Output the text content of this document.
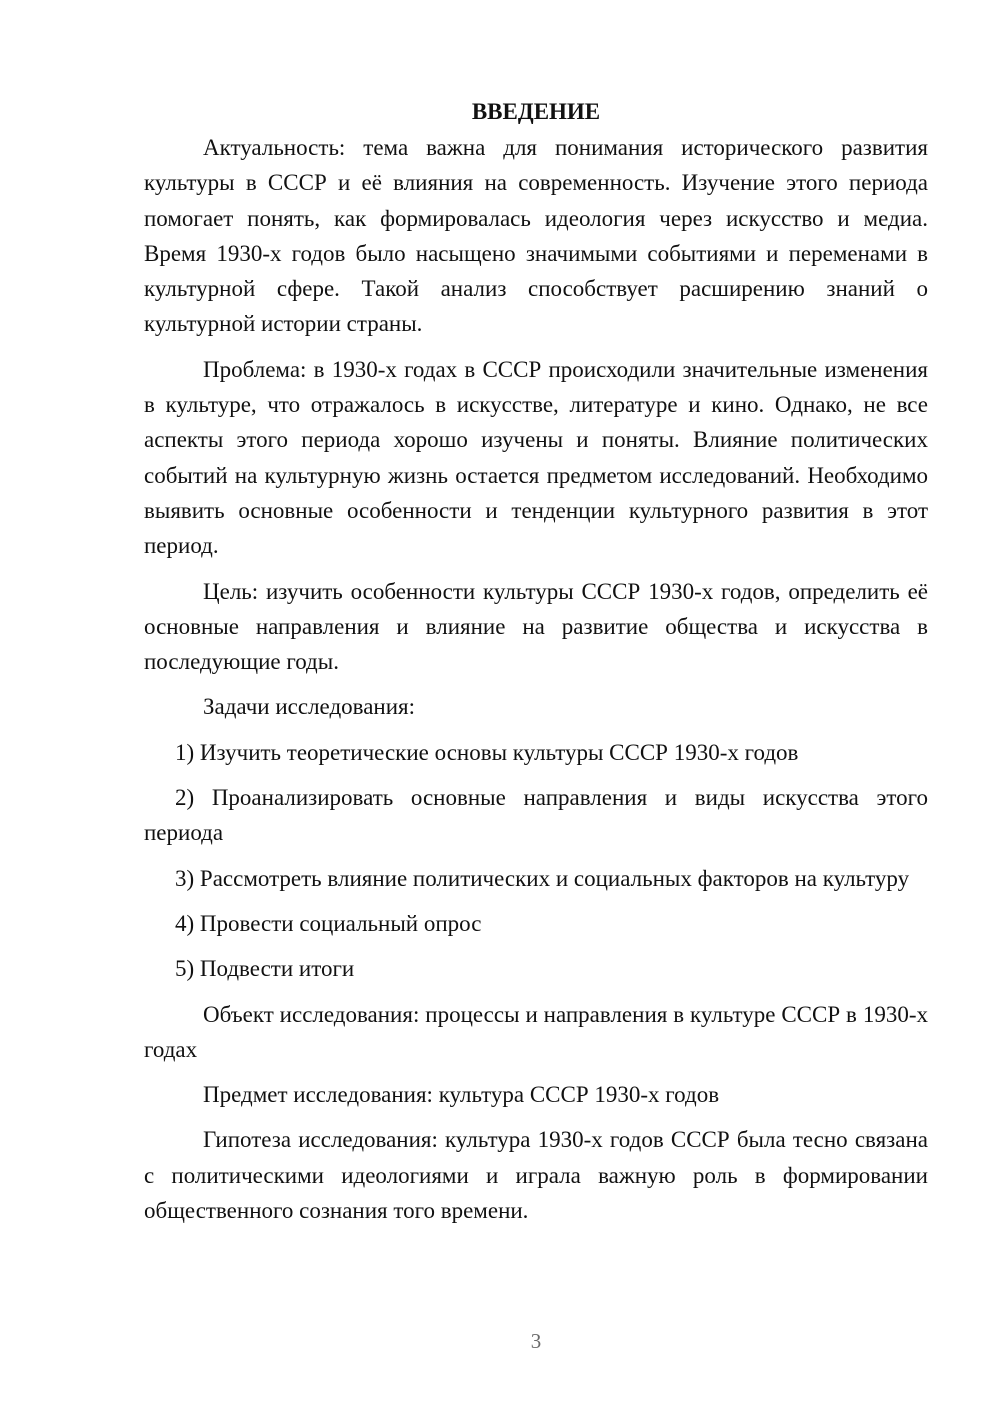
ВВЕДЕНИЕ

Актуальность: тема важна для понимания исторического развития культуры в СССР и её влияния на современность. Изучение этого периода помогает понять, как формировалась идеология через искусство и медиа. Время 1930-х годов было насыщено значимыми событиями и переменами в культурной сфере. Такой анализ способствует расширению знаний о культурной истории страны.

Проблема: в 1930-х годах в СССР происходили значительные изменения в культуре, что отражалось в искусстве, литературе и кино. Однако, не все аспекты этого периода хорошо изучены и поняты. Влияние политических событий на культурную жизнь остается предметом исследований. Необходимо выявить основные особенности и тенденции культурного развития в этот период.

Цель: изучить особенности культуры СССР 1930-х годов, определить её основные направления и влияние на развитие общества и искусства в последующие годы.

Задачи исследования:

1) Изучить теоретические основы культуры СССР 1930-х годов

2) Проанализировать основные направления и виды искусства этого периода

3) Рассмотреть влияние политических и социальных факторов на культуру

4) Провести социальный опрос

5) Подвести итоги

Объект исследования: процессы и направления в культуре СССР в 1930-х годах

Предмет исследования: культура СССР 1930-х годов

Гипотеза исследования: культура 1930-х годов СССР была тесно связана с политическими идеологиями и играла важную роль в формировании общественного сознания того времени.

3
